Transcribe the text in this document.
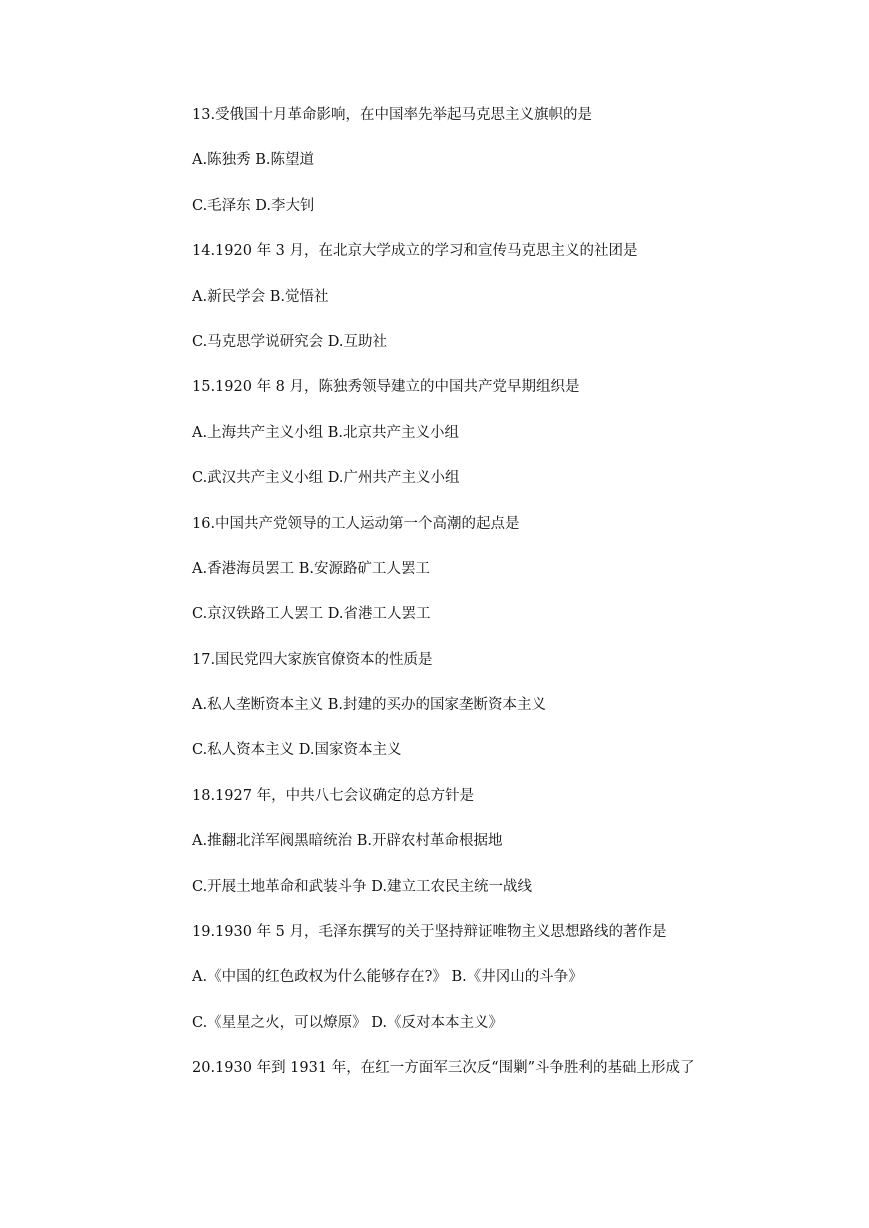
13.受俄国十月革命影响，在中国率先举起马克思主义旗帜的是
A.陈独秀 B.陈望道
C.毛泽东 D.李大钊
14.1920 年 3 月，在北京大学成立的学习和宣传马克思主义的社团是
A.新民学会 B.觉悟社
C.马克思学说研究会 D.互助社
15.1920 年 8 月，陈独秀领导建立的中国共产党早期组织是
A.上海共产主义小组 B.北京共产主义小组
C.武汉共产主义小组 D.广州共产主义小组
16.中国共产党领导的工人运动第一个高潮的起点是
A.香港海员罢工 B.安源路矿工人罢工
C.京汉铁路工人罢工 D.省港工人罢工
17.国民党四大家族官僚资本的性质是
A.私人垄断资本主义 B.封建的买办的国家垄断资本主义
C.私人资本主义 D.国家资本主义
18.1927 年，中共八七会议确定的总方针是
A.推翻北洋军阀黑暗统治 B.开辟农村革命根据地
C.开展土地革命和武装斗争 D.建立工农民主统一战线
19.1930 年 5 月，毛泽东撰写的关于坚持辩证唯物主义思想路线的著作是
A.《中国的红色政权为什么能够存在?》 B.《井冈山的斗争》
C.《星星之火，可以燎原》 D.《反对本本主义》
20.1930 年到 1931 年，在红一方面军三次反“围剿”斗争胜利的基础上形成了
